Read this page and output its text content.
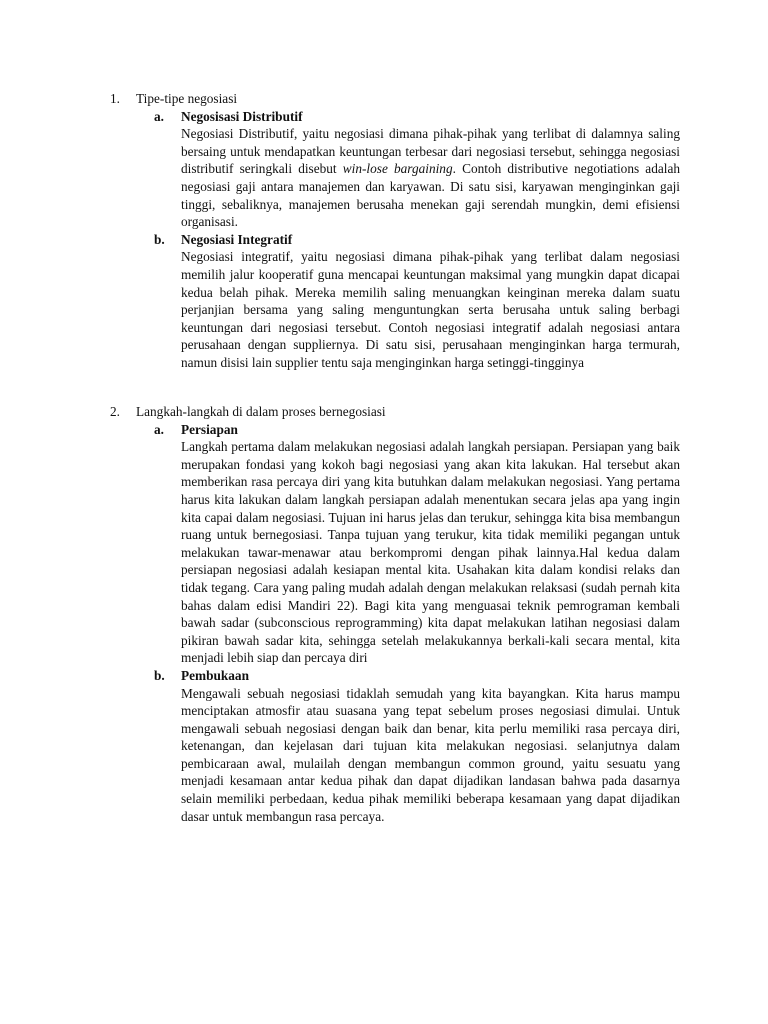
1. Tipe-tipe negosiasi

a. Negosisasi Distributif

Negosiasi Distributif, yaitu negosiasi dimana pihak-pihak yang terlibat di dalamnya saling bersaing untuk mendapatkan keuntungan terbesar dari negosiasi tersebut, sehingga negosiasi distributif seringkali disebut win-lose bargaining. Contoh distributive negotiations adalah negosiasi gaji antara manajemen dan karyawan. Di satu sisi, karyawan menginginkan gaji tinggi, sebaliknya, manajemen berusaha menekan gaji serendah mungkin, demi efisiensi organisasi.

b. Negosiasi Integratif

Negosiasi integratif, yaitu negosiasi dimana pihak-pihak yang terlibat dalam negosiasi memilih jalur kooperatif guna mencapai keuntungan maksimal yang mungkin dapat dicapai kedua belah pihak. Mereka memilih saling menuangkan keinginan mereka dalam suatu perjanjian bersama yang saling menguntungkan serta berusaha untuk saling berbagi keuntungan dari negosiasi tersebut. Contoh negosiasi integratif adalah negosiasi antara perusahaan dengan suppliernya. Di satu sisi, perusahaan menginginkan harga termurah, namun disisi lain supplier tentu saja menginginkan harga setinggi-tingginya

2. Langkah-langkah di dalam proses bernegosiasi

a. Persiapan

Langkah pertama dalam melakukan negosiasi adalah langkah persiapan. Persiapan yang baik merupakan fondasi yang kokoh bagi negosiasi yang akan kita lakukan. Hal tersebut akan memberikan rasa percaya diri yang kita butuhkan dalam melakukan negosiasi. Yang pertama harus kita lakukan dalam langkah persiapan adalah menentukan secara jelas apa yang ingin kita capai dalam negosiasi. Tujuan ini harus jelas dan terukur, sehingga kita bisa membangun ruang untuk bernegosiasi. Tanpa tujuan yang terukur, kita tidak memiliki pegangan untuk melakukan tawar-menawar atau berkompromi dengan pihak lainnya.Hal kedua dalam persiapan negosiasi adalah kesiapan mental kita. Usahakan kita dalam kondisi relaks dan tidak tegang. Cara yang paling mudah adalah dengan melakukan relaksasi (sudah pernah kita bahas dalam edisi Mandiri 22). Bagi kita yang menguasai teknik pemrograman kembali bawah sadar (subconscious reprogramming) kita dapat melakukan latihan negosiasi dalam pikiran bawah sadar kita, sehingga setelah melakukannya berkali-kali secara mental, kita menjadi lebih siap dan percaya diri

b. Pembukaan

Mengawali sebuah negosiasi tidaklah semudah yang kita bayangkan. Kita harus mampu menciptakan atmosfir atau suasana yang tepat sebelum proses negosiasi dimulai. Untuk mengawali sebuah negosiasi dengan baik dan benar, kita perlu memiliki rasa percaya diri, ketenangan, dan kejelasan dari tujuan kita melakukan negosiasi. selanjutnya dalam pembicaraan awal, mulailah dengan membangun common ground, yaitu sesuatu yang menjadi kesamaan antar kedua pihak dan dapat dijadikan landasan bahwa pada dasarnya selain memiliki perbedaan, kedua pihak memiliki beberapa kesamaan yang dapat dijadikan dasar untuk membangun rasa percaya.
